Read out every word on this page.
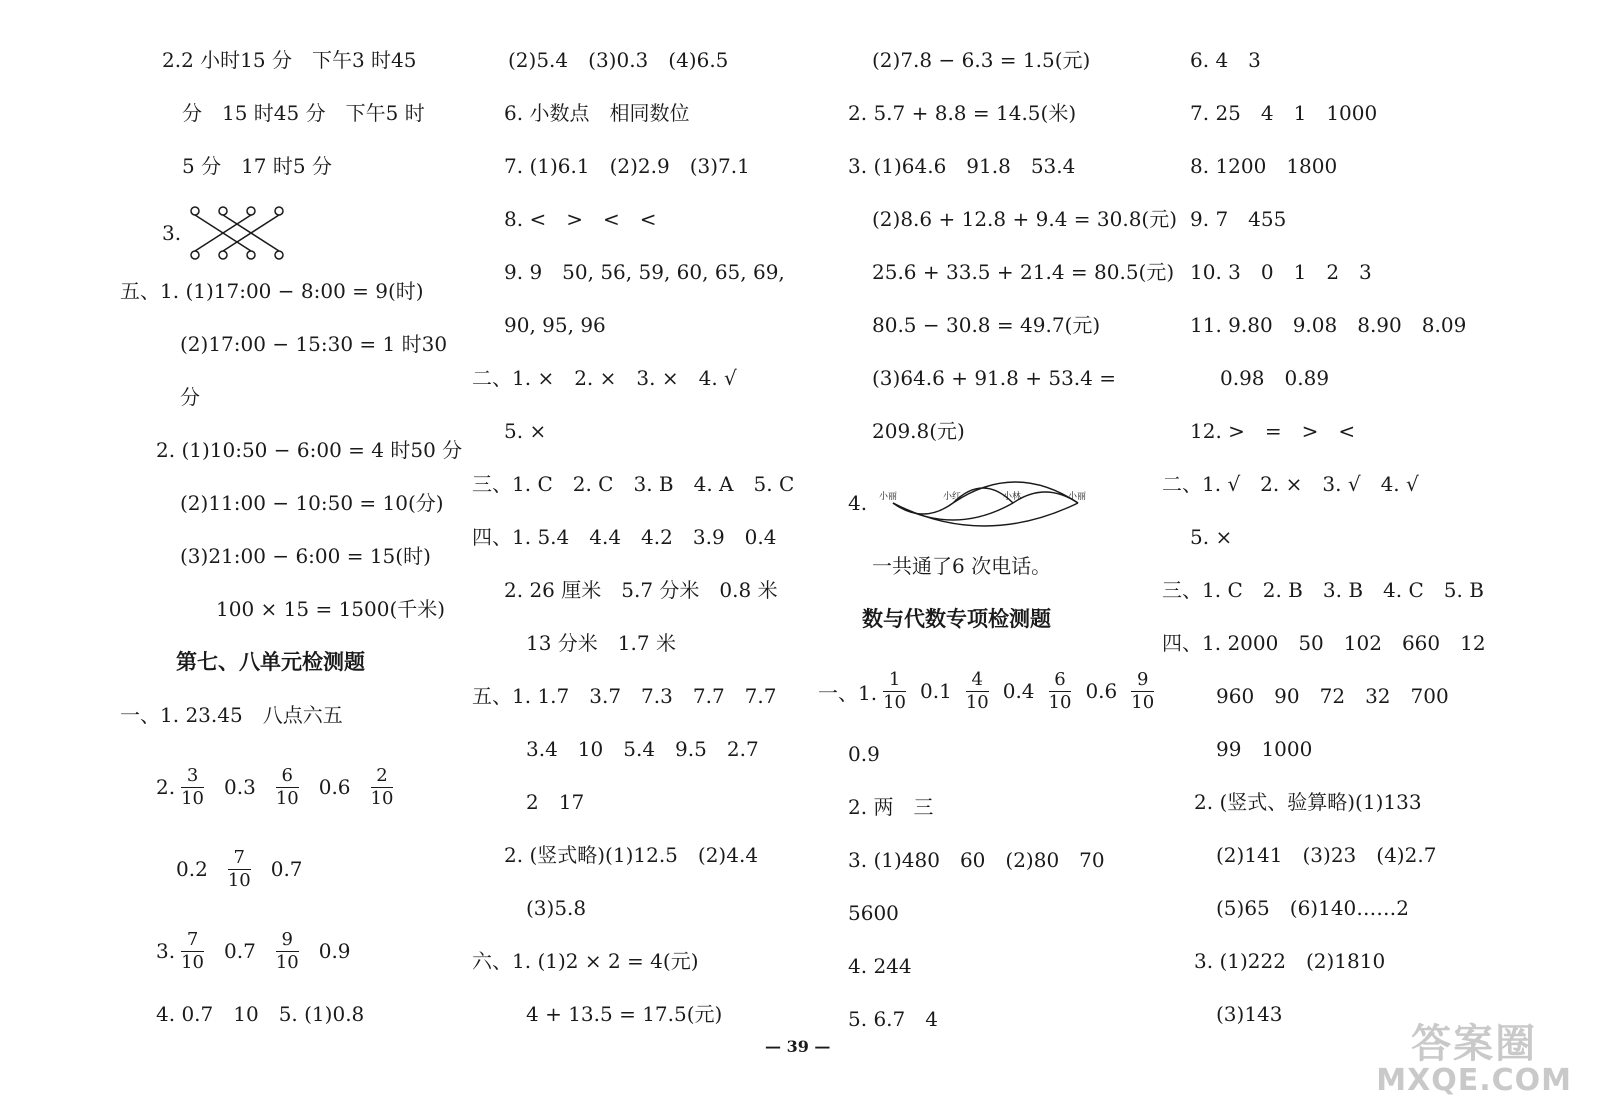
2.2 小时15 分　下午3 时45
分　15 时45 分　下午5 时
5 分　17 时5 分
3.
五、1. (1)17:00 − 8:00 = 9(时)
(2)17:00 − 15:30 = 1 时30
分
2. (1)10:50 − 6:00 = 4 时50 分
(2)11:00 − 10:50 = 10(分)
(3)21:00 − 6:00 = 15(时)
100 × 15 = 1500(千米)
第七、八单元检测题
一、1. 23.45　八点六五
2. $\frac{3}{10} 0.3 \frac{6}{10} 0.6 \frac{2}{10}$
$0.2 \frac{7}{10} 0.7$
3. $\frac{7}{10} 0.7 \frac{9}{10} 0.9$
4. 0.7　10　5. (1)0.8
(2)5.4　(3)0.3　(4)6.5
6. 小数点　相同数位
7. (1)6.1　(2)2.9　(3)7.1
8. <　>　<　<
9. 9　50, 56, 59, 60, 65, 69,
90, 95, 96
二、1. ×　2. ×　3. ×　4. √
5. ×
三、1. C　2. C　3. B　4. A　5. C
四、1. 5.4　4.4　4.2　3.9　0.4
2. 26 厘米　5.7 分米　0.8 米
13 分米　1.7 米
五、1. 1.7　3.7　7.3　7.7　7.7
3.4　10　5.4　9.5　2.7
2　17
2. (竖式略)(1)12.5　(2)4.4
(3)5.8
六、1. (1)2 × 2 = 4(元)
4 + 13.5 = 17.5(元)
(2)7.8 − 6.3 = 1.5(元)
2. 5.7 + 8.8 = 14.5(米)
3. (1)64.6　91.8　53.4
(2)8.6 + 12.8 + 9.4 = 30.8(元)
25.6 + 33.5 + 21.4 = 80.5(元)
80.5 − 30.8 = 49.7(元)
(3)64.6 + 91.8 + 53.4 =
209.8(元)
4. 小丽	小红	小林	小丽
一共通了6 次电话。
数与代数专项检测题
一、1. $\frac{1}{10} 0.1 \frac{4}{10} 0.4 \frac{6}{10} 0.6 \frac{9}{10}$
0.9
2. 两　三
3. (1)480　60　(2)80　70
5600
4. 244
5. 6.7　4
6. 4　3
7. 25　4　1　1000
8. 1200　1800
9. 7　455
10. 3　0　1　2　3
11. 9.80　9.08　8.90　8.09
0.98　0.89
12. >　=　>　<
二、1. √　2. ×　3. √　4. √
5. ×
三、1. C　2. B　3. B　4. C　5. B
四、1. 2000　50　102　660　12
960　90　72　32　700
99　1000
2. (竖式、验算略)(1)133
(2)141　(3)23　(4)2.7
(5)65　(6)140……2
3. (1)222　(2)1810
(3)143
— 39 —	答案圈
MXQE.COM
